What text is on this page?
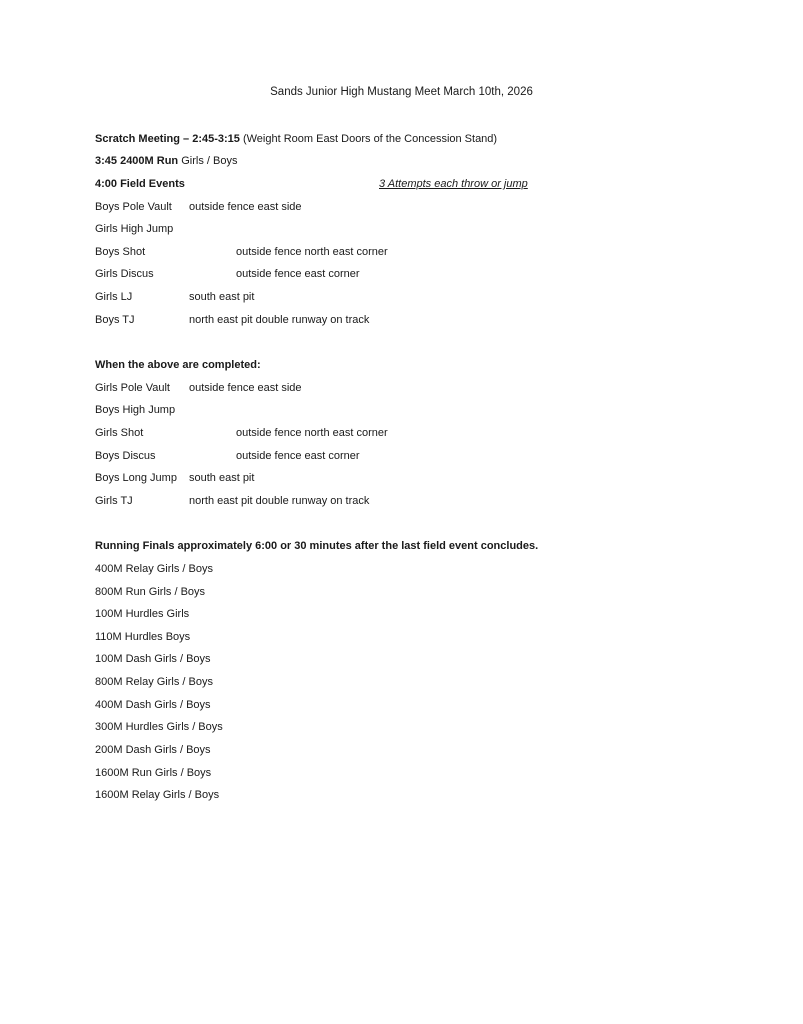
Sands Junior High Mustang Meet March 10th, 2026
Scratch Meeting – 2:45-3:15 (Weight Room East Doors of the Concession Stand)
3:45 2400M Run Girls / Boys
4:00 Field Events	3 Attempts each throw or jump
Boys Pole Vault outside fence east side
Girls High Jump
Boys Shot	outside fence north east corner
Girls Discus	outside fence east corner
Girls LJ	south east pit
Boys TJ	north east pit double runway on track
When the above are completed:
Girls Pole Vault outside fence east side
Boys High Jump
Girls Shot	outside fence north east corner
Boys Discus	outside fence east corner
Boys Long Jump south east pit
Girls TJ	north east pit double runway on track
Running Finals approximately 6:00 or 30 minutes after the last field event concludes.
400M Relay Girls / Boys
800M Run Girls / Boys
100M Hurdles Girls
110M Hurdles Boys
100M Dash Girls / Boys
800M Relay Girls / Boys
400M Dash Girls / Boys
300M Hurdles Girls / Boys
200M Dash Girls / Boys
1600M Run Girls / Boys
1600M Relay Girls / Boys
